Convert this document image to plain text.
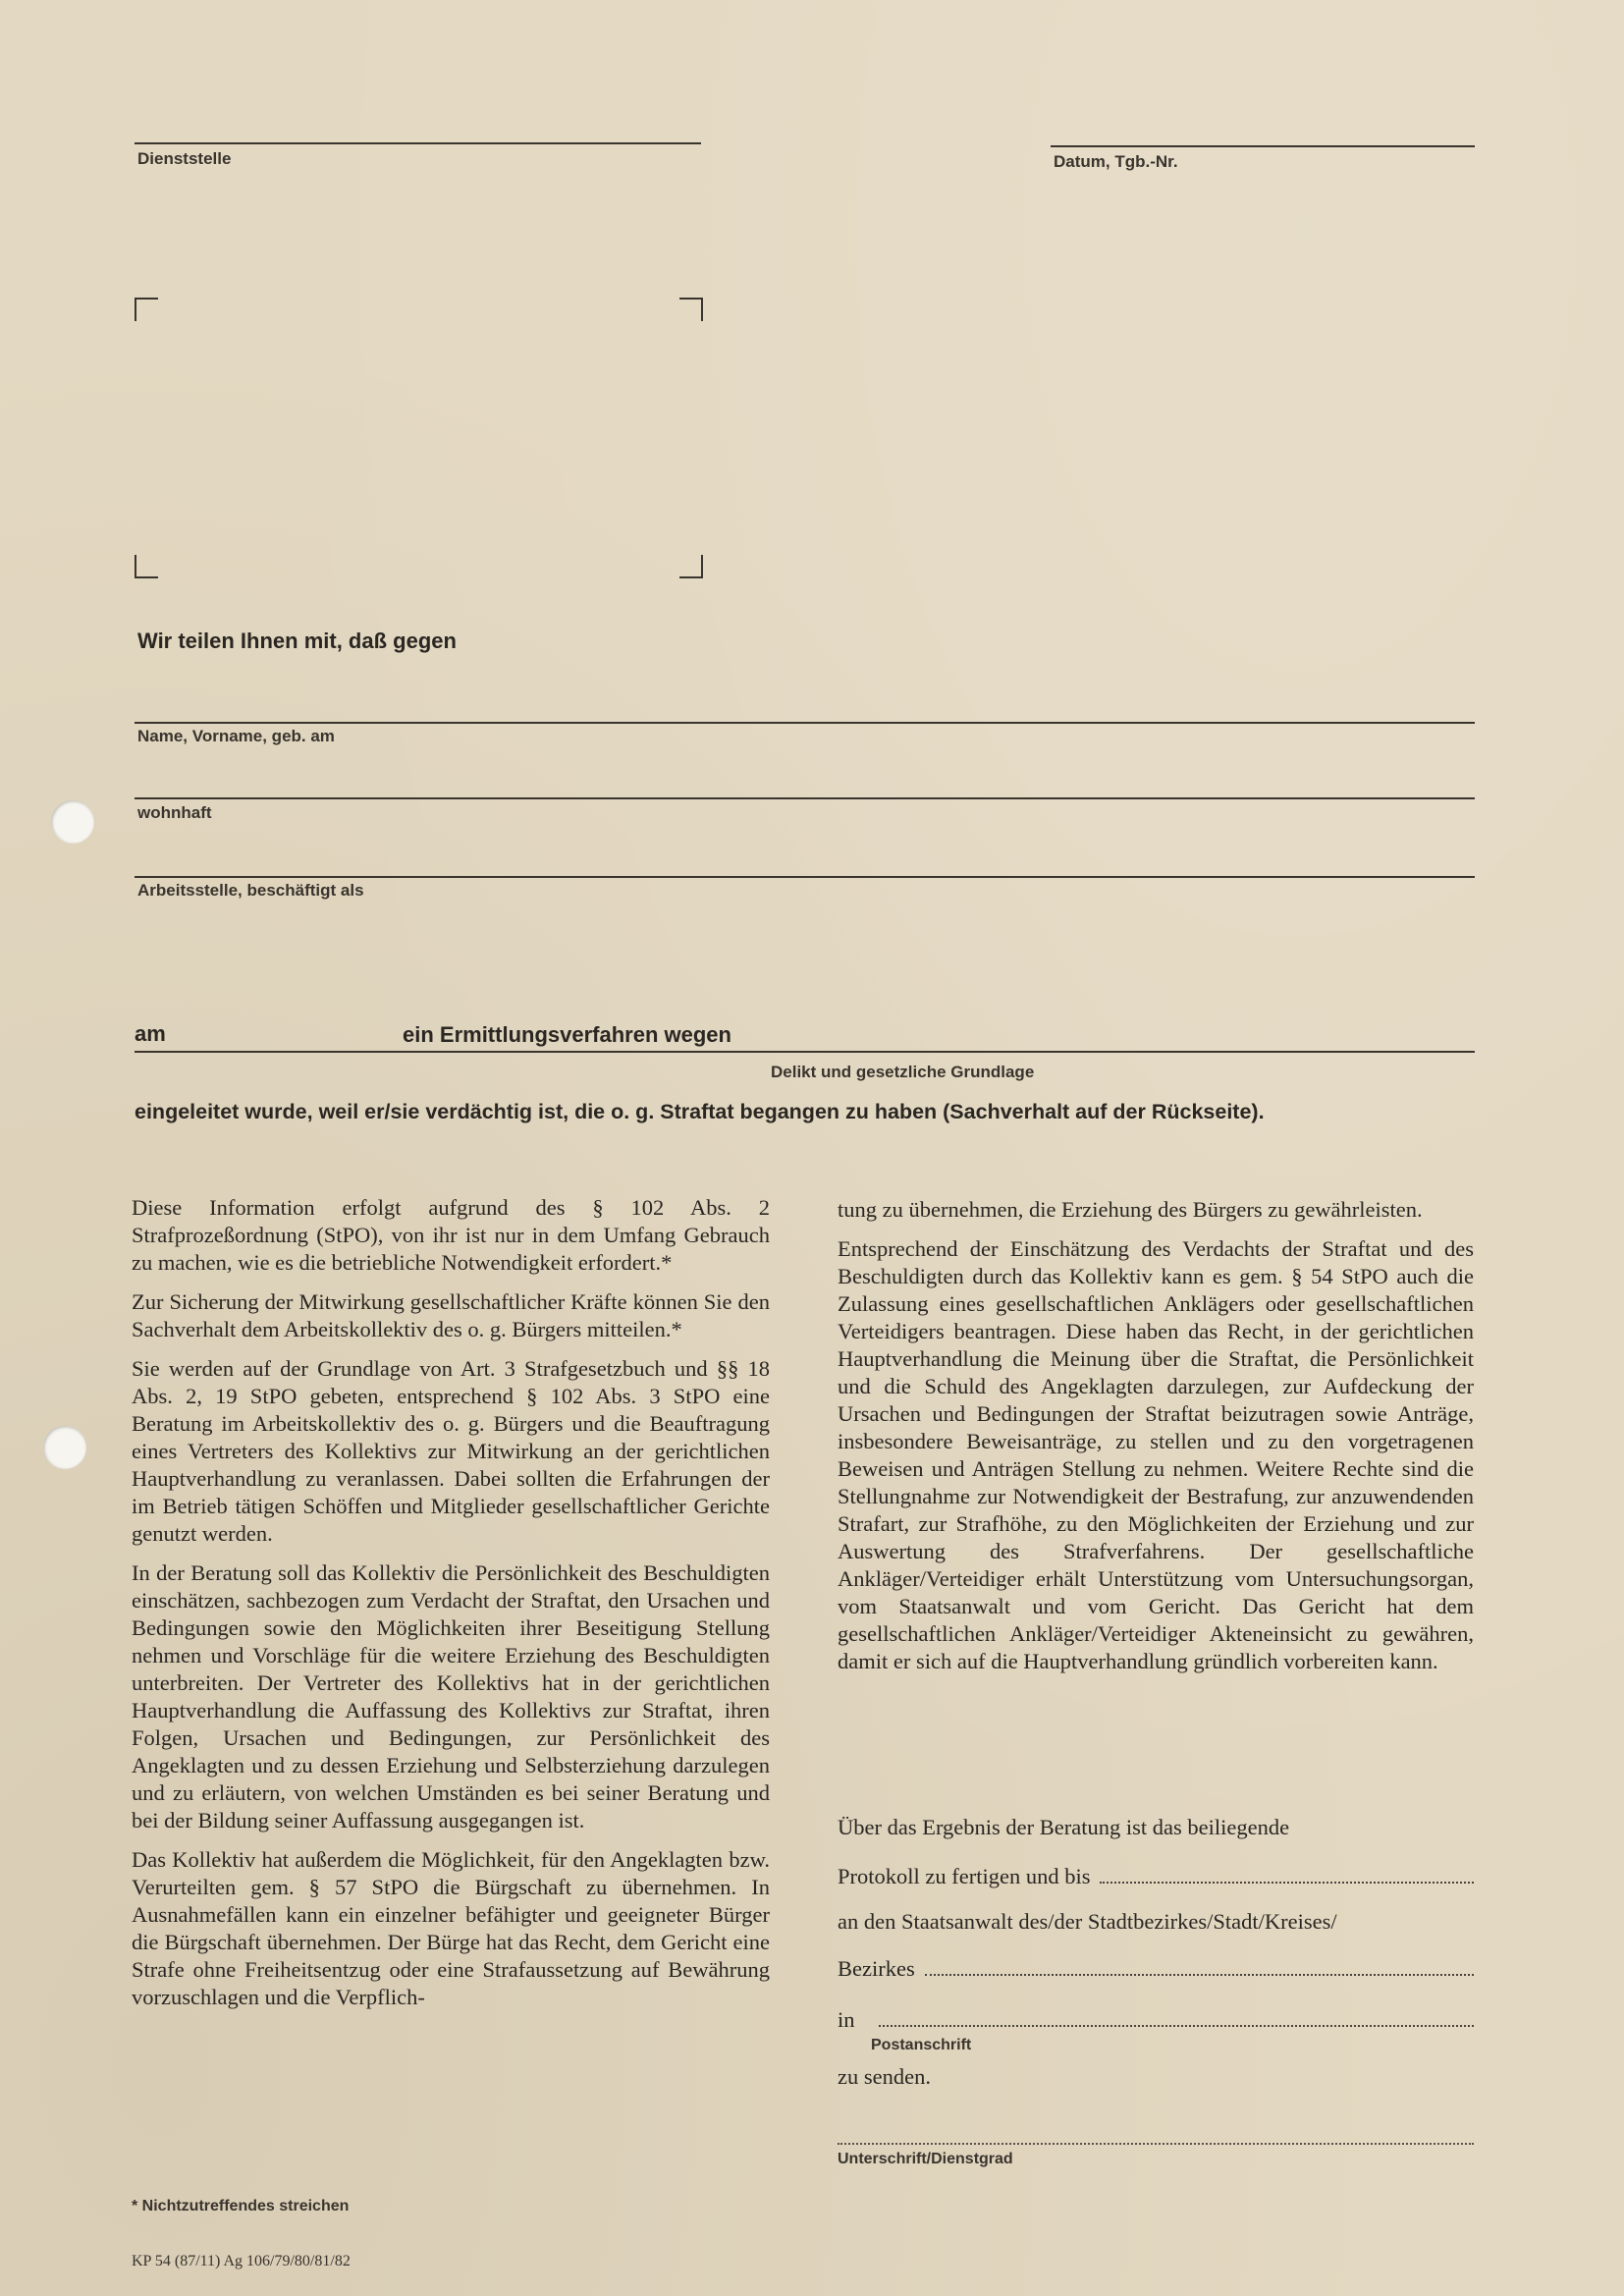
Dienststelle	Datum, Tgb.-Nr.
Wir teilen Ihnen mit, daß gegen
Name, Vorname, geb. am
wohnhaft
Arbeitsstelle, beschäftigt als
am	ein Ermittlungsverfahren wegen
Delikt und gesetzliche Grundlage
eingeleitet wurde, weil er/sie verdächtig ist, die o. g. Straftat begangen zu haben (Sachverhalt auf der Rückseite).

Diese Information erfolgt aufgrund des § 102 Abs. 2 Strafprozeßordnung (StPO), von ihr ist nur in dem Umfang Gebrauch zu machen, wie es die betriebliche Notwendigkeit erfordert.*

Zur Sicherung der Mitwirkung gesellschaftlicher Kräfte können Sie den Sachverhalt dem Arbeitskollektiv des o. g. Bürgers mitteilen.*

Sie werden auf der Grundlage von Art. 3 Strafgesetzbuch und §§ 18 Abs. 2, 19 StPO gebeten, entsprechend § 102 Abs. 3 StPO eine Beratung im Arbeitskollektiv des o. g. Bürgers und die Beauftragung eines Vertreters des Kollektivs zur Mitwirkung an der gerichtlichen Hauptverhandlung zu veranlassen. Dabei sollten die Erfahrungen der im Betrieb tätigen Schöffen und Mitglieder gesellschaftlicher Gerichte genutzt werden.

In der Beratung soll das Kollektiv die Persönlichkeit des Beschuldigten einschätzen, sachbezogen zum Verdacht der Straftat, den Ursachen und Bedingungen sowie den Möglichkeiten ihrer Beseitigung Stellung nehmen und Vorschläge für die weitere Erziehung des Beschuldigten unterbreiten. Der Vertreter des Kollektivs hat in der gerichtlichen Hauptverhandlung die Auffassung des Kollektivs zur Straftat, ihren Folgen, Ursachen und Bedingungen, zur Persönlichkeit des Angeklagten und zu dessen Erziehung und Selbsterziehung darzulegen und zu erläutern, von welchen Umständen es bei seiner Beratung und bei der Bildung seiner Auffassung ausgegangen ist.

Das Kollektiv hat außerdem die Möglichkeit, für den Angeklagten bzw. Verurteilten gem. § 57 StPO die Bürgschaft zu übernehmen. In Ausnahmefällen kann ein einzelner befähigter und geeigneter Bürger die Bürgschaft übernehmen. Der Bürge hat das Recht, dem Gericht eine Strafe ohne Freiheitsentzug oder eine Strafaussetzung auf Bewährung vorzuschlagen und die Verpflich-

tung zu übernehmen, die Erziehung des Bürgers zu gewährleisten.

Entsprechend der Einschätzung des Verdachts der Straftat und des Beschuldigten durch das Kollektiv kann es gem. § 54 StPO auch die Zulassung eines gesellschaftlichen Anklägers oder gesellschaftlichen Verteidigers beantragen. Diese haben das Recht, in der gerichtlichen Hauptverhandlung die Meinung über die Straftat, die Persönlichkeit und die Schuld des Angeklagten darzulegen, zur Aufdeckung der Ursachen und Bedingungen der Straftat beizutragen sowie Anträge, insbesondere Beweisanträge, zu stellen und zu den vorgetragenen Beweisen und Anträgen Stellung zu nehmen. Weitere Rechte sind die Stellungnahme zur Notwendigkeit der Bestrafung, zur anzuwendenden Strafart, zur Strafhöhe, zu den Möglichkeiten der Erziehung und zur Auswertung des Strafverfahrens. Der gesellschaftliche Ankläger/Verteidiger erhält Unterstützung vom Untersuchungsorgan, vom Staatsanwalt und vom Gericht. Das Gericht hat dem gesellschaftlichen Ankläger/Verteidiger Akteneinsicht zu gewähren, damit er sich auf die Hauptverhandlung gründlich vorbereiten kann.

Über das Ergebnis der Beratung ist das beiliegende
Protokoll zu fertigen und bis
an den Staatsanwalt des/der Stadtbezirkes/Stadt/Kreises/
Bezirkes
in
Postanschrift
zu senden.
Unterschrift/Dienstgrad
* Nichtzutreffendes streichen
KP 54 (87/11) Ag 106/79/80/81/82
